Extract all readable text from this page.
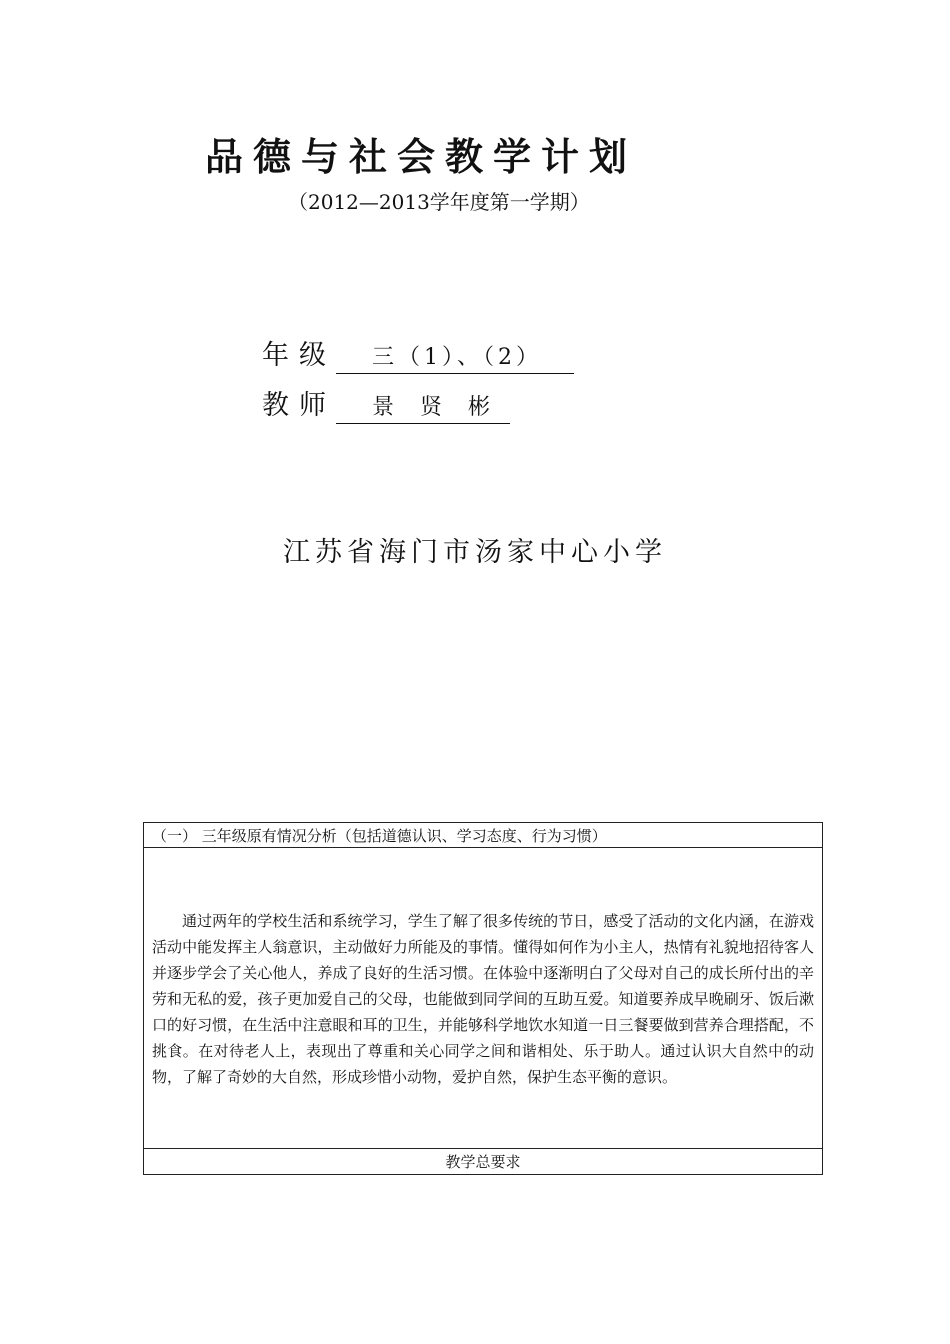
品德与社会教学计划
（2012—2013学年度第一学期）
年级	三（1）、（2）
教师	景贤彬
江苏省海门市汤家中心小学
（一） 三年级原有情况分析（包括道德认识、学习态度、行为习惯）

通过两年的学校生活和系统学习，学生了解了很多传统的节日，感受了活动的文化内涵，在游戏活动中能发挥主人翁意识，主动做好力所能及的事情。懂得如何作为小主人，热情有礼貌地招待客人并逐步学会了关心他人，养成了良好的生活习惯。在体验中逐渐明白了父母对自己的成长所付出的辛劳和无私的爱，孩子更加爱自己的父母，也能做到同学间的互助互爱。知道要养成早晚刷牙、饭后漱口的好习惯，在生活中注意眼和耳的卫生，并能够科学地饮水知道一日三餐要做到营养合理搭配，不挑食。在对待老人上，表现出了尊重和关心同学之间和谐相处、乐于助人。通过认识大自然中的动物，了解了奇妙的大自然，形成珍惜小动物，爱护自然，保护生态平衡的意识。

教学总要求
